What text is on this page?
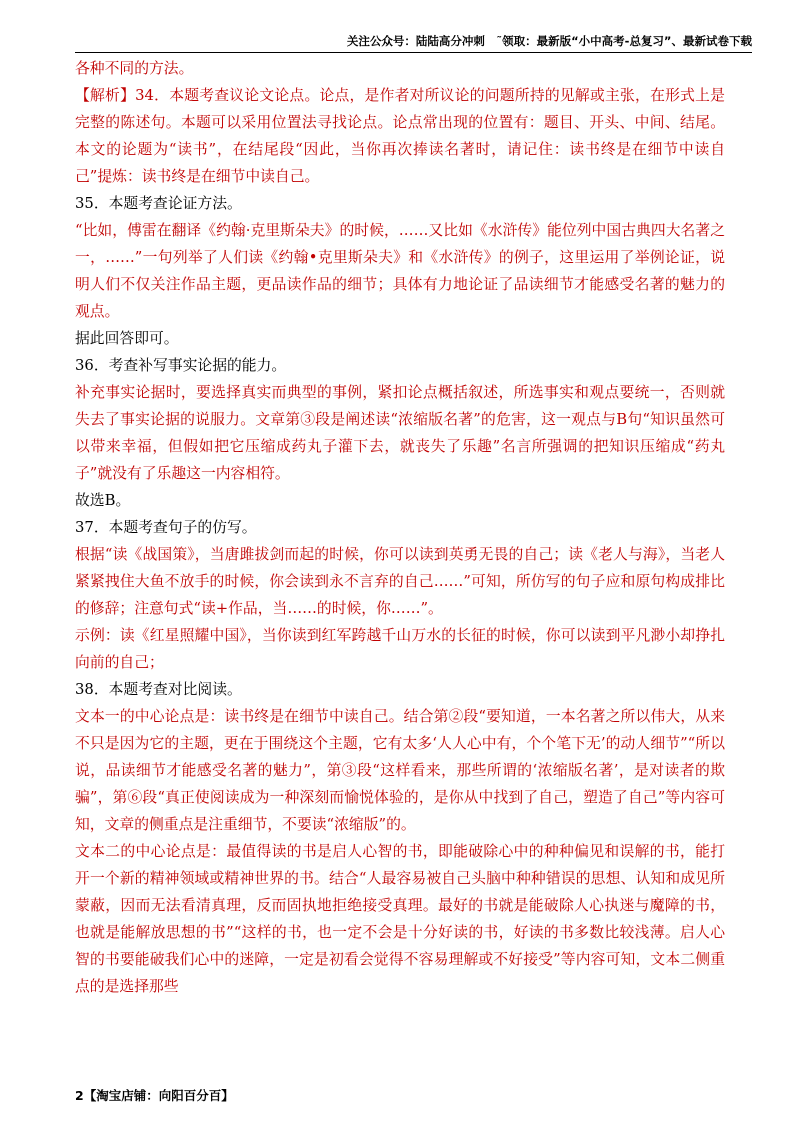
关注公众号：陆陆高分冲刺　˜领取：最新版“小中高考-总复习”、最新试卷下载

各种不同的方法。

【解析】34．本题考查议论文论点。论点，是作者对所议论的问题所持的见解或主张，在形式上是完整的陈述句。本题可以采用位置法寻找论点。论点常出现的位置有：题目、开头、中间、结尾。本文的论题为“读书”，在结尾段“因此，当你再次捧读名著时，请记住：读书终是在细节中读自己”提炼：读书终是在细节中读自己。

35．本题考查论证方法。

“比如，傅雷在翻译《约翰·克里斯朵夫》的时候，……又比如《水浒传》能位列中国古典四大名著之一，……”一句列举了人们读《约翰•克里斯朵夫》和《水浒传》的例子，这里运用了举例论证，说明人们不仅关注作品主题，更品读作品的细节；具体有力地论证了品读细节才能感受名著的魅力的观点。

据此回答即可。

36．考查补写事实论据的能力。

补充事实论据时，要选择真实而典型的事例，紧扣论点概括叙述，所选事实和观点要统一，否则就失去了事实论据的说服力。文章第③段是阐述读“浓缩版名著”的危害，这一观点与B句“知识虽然可以带来幸福，但假如把它压缩成药丸子灌下去，就丧失了乐趣”名言所强调的把知识压缩成“药丸子”就没有了乐趣这一内容相符。

故选B。

37．本题考查句子的仿写。

根据“读《战国策》，当唐雎拔剑而起的时候，你可以读到英勇无畏的自己；读《老人与海》，当老人紧紧拽住大鱼不放手的时候，你会读到永不言弃的自己……”可知，所仿写的句子应和原句构成排比的修辞；注意句式“读+作品，当……的时候，你……”。

示例：读《红星照耀中国》，当你读到红军跨越千山万水的长征的时候，你可以读到平凡渺小却挣扎向前的自己；

38．本题考查对比阅读。

文本一的中心论点是：读书终是在细节中读自己。结合第②段“要知道，一本名著之所以伟大，从来不只是因为它的主题，更在于围绕这个主题，它有太多‘人人心中有，个个笔下无’的动人细节”“所以说，品读细节才能感受名著的魅力”，第③段“这样看来，那些所谓的‘浓缩版名著’，是对读者的欺骗”，第⑥段“真正使阅读成为一种深刻而愉悦体验的，是你从中找到了自己，塑造了自己”等内容可知，文章的侧重点是注重细节，不要读“浓缩版”的。

文本二的中心论点是：最值得读的书是启人心智的书，即能破除心中的种种偏见和误解的书，能打开一个新的精神领域或精神世界的书。结合“人最容易被自己头脑中种种错误的思想、认知和成见所蒙蔽，因而无法看清真理，反而固执地拒绝接受真理。最好的书就是能破除人心执迷与魔障的书，也就是能解放思想的书”“这样的书，也一定不会是十分好读的书，好读的书多数比较浅薄。启人心智的书要能破我们心中的迷障，一定是初看会觉得不容易理解或不好接受”等内容可知，文本二侧重点的是选择那些

2【淘宝店铺：向阳百分百】
